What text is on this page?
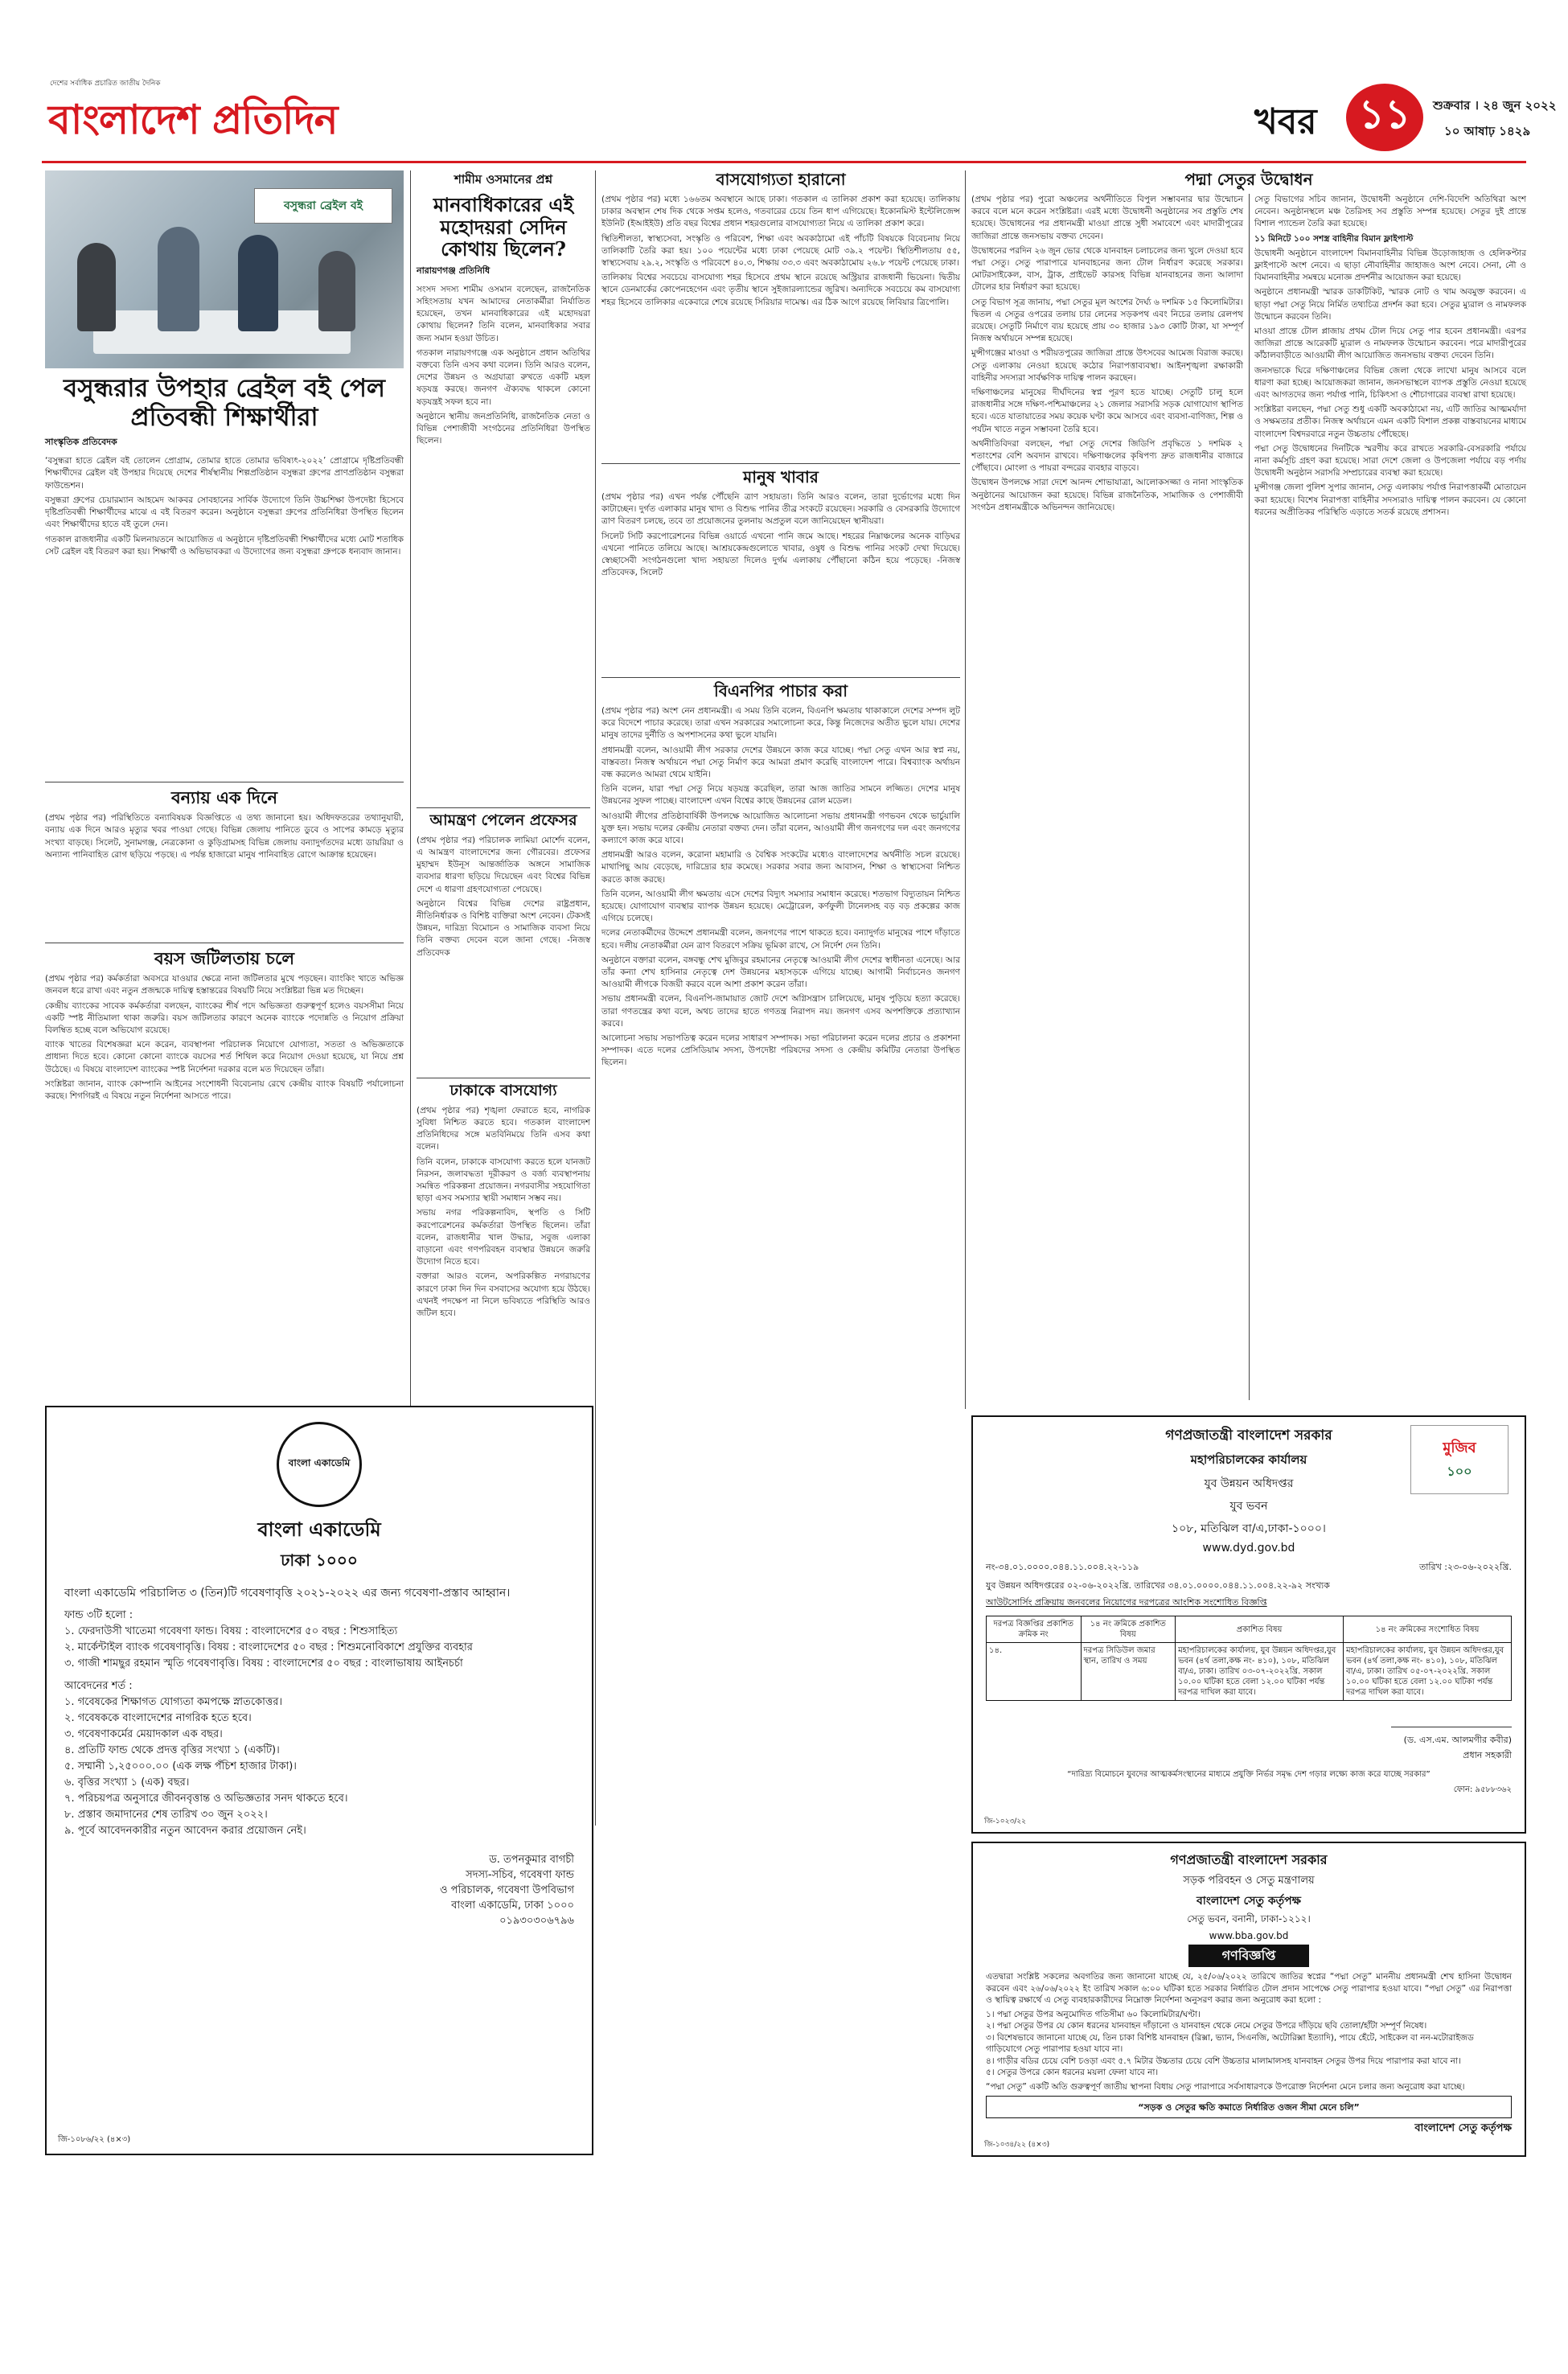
দেশের সর্বাধিক প্রচারিত জাতীয় দৈনিক
বাংলাদেশ প্রতিদিন	খবর ১১ শুক্রবার । ২৪ জুন ২০২২
১০ আষাঢ় ১৪২৯
বসুন্ধরা ব্রেইল বই
বসুন্ধরার উপহার ব্রেইল বই পেল প্রতিবন্ধী শিক্ষার্থীরা
সাংস্কৃতিক প্রতিবেদক

‘বসুন্ধরা হাতে ব্রেইল বই তোলেন প্রোগ্রাম, তোমার হাতে তোমার ভবিষ্যৎ-২০২২’ প্রোগ্রামে দৃষ্টিপ্রতিবন্ধী শিক্ষার্থীদের ব্রেইল বই উপহার দিয়েছে দেশের শীর্ষস্থানীয় শিল্পপ্রতিষ্ঠান বসুন্ধরা গ্রুপের প্রাণপ্রতিষ্ঠান বসুন্ধরা ফাউন্ডেশন।

বসুন্ধরা গ্রুপের চেয়ারম্যান আহমেদ আকবর সোবহানের সার্বিক উদ্যোগে তিনি উচ্চশিক্ষা উপদেষ্টা হিসেবে দৃষ্টিপ্রতিবন্ধী শিক্ষার্থীদের মাঝে এ বই বিতরণ করেন। অনুষ্ঠানে বসুন্ধরা গ্রুপের প্রতিনিধিরা উপস্থিত ছিলেন এবং শিক্ষার্থীদের হাতে বই তুলে দেন।

গতকাল রাজধানীর একটি মিলনায়তনে আয়োজিত এ অনুষ্ঠানে দৃষ্টিপ্রতিবন্ধী শিক্ষার্থীদের মধ্যে মোট শতাধিক সেট ব্রেইল বই বিতরণ করা হয়। শিক্ষার্থী ও অভিভাবকরা এ উদ্যোগের জন্য বসুন্ধরা গ্রুপকে ধন্যবাদ জানান।

বন্যায় এক দিনে

(প্রথম পৃষ্ঠার পর) পরিস্থিতিতে বন্যাবিষয়ক বিজ্ঞপ্তিতে এ তথ্য জানানো হয়। অধিদফতরের তথ্যানুযায়ী, বন্যায় এক দিনে আরও মৃত্যুর খবর পাওয়া গেছে। বিভিন্ন জেলায় পানিতে ডুবে ও সাপের কামড়ে মৃত্যুর সংখ্যা বাড়ছে। সিলেট, সুনামগঞ্জ, নেত্রকোনা ও কুড়িগ্রামসহ বিভিন্ন জেলায় বন্যাদুর্গতদের মধ্যে ডায়রিয়া ও অন্যান্য পানিবাহিত রোগ ছড়িয়ে পড়ছে। এ পর্যন্ত হাজারো মানুষ পানিবাহিত রোগে আক্রান্ত হয়েছেন।

বয়স জটিলতায় চলে

(প্রথম পৃষ্ঠার পর) কর্মকর্তারা অবসরে যাওয়ার ক্ষেত্রে নানা জটিলতার মুখে পড়ছেন। ব্যাংকিং খাতে অভিজ্ঞ জনবল ধরে রাখা এবং নতুন প্রজন্মকে দায়িত্ব হস্তান্তরের বিষয়টি নিয়ে সংশ্লিষ্টরা ভিন্ন মত দিচ্ছেন।

কেন্দ্রীয় ব্যাংকের সাবেক কর্মকর্তারা বলছেন, ব্যাংকের শীর্ষ পদে অভিজ্ঞতা গুরুত্বপূর্ণ হলেও বয়সসীমা নিয়ে একটি স্পষ্ট নীতিমালা থাকা জরুরি। বয়স জটিলতার কারণে অনেক ব্যাংকে পদোন্নতি ও নিয়োগ প্রক্রিয়া বিলম্বিত হচ্ছে বলে অভিযোগ রয়েছে।

ব্যাংক খাতের বিশেষজ্ঞরা মনে করেন, ব্যবস্থাপনা পরিচালক নিয়োগে যোগ্যতা, সততা ও অভিজ্ঞতাকে প্রাধান্য দিতে হবে। কোনো কোনো ব্যাংকে বয়সের শর্ত শিথিল করে নিয়োগ দেওয়া হয়েছে, যা নিয়ে প্রশ্ন উঠেছে। এ বিষয়ে বাংলাদেশ ব্যাংকের স্পষ্ট নির্দেশনা দরকার বলে মত দিয়েছেন তাঁরা।

সংশ্লিষ্টরা জানান, ব্যাংক কোম্পানি আইনের সংশোধনী বিবেচনায় রেখে কেন্দ্রীয় ব্যাংক বিষয়টি পর্যালোচনা করছে। শিগগিরই এ বিষয়ে নতুন নির্দেশনা আসতে পারে।

শামীম ওসমানের প্রশ্ন
মানবাধিকারের এই মহোদয়রা সেদিন কোথায় ছিলেন?
নারায়ণগঞ্জ প্রতিনিধি

সংসদ সদস্য শামীম ওসমান বলেছেন, রাজনৈতিক সহিংসতায় যখন আমাদের নেতাকর্মীরা নির্যাতিত হয়েছেন, তখন মানবাধিকারের এই মহোদয়রা কোথায় ছিলেন? তিনি বলেন, মানবাধিকার সবার জন্য সমান হওয়া উচিত।

গতকাল নারায়ণগঞ্জে এক অনুষ্ঠানে প্রধান অতিথির বক্তব্যে তিনি এসব কথা বলেন। তিনি আরও বলেন, দেশের উন্নয়ন ও অগ্রযাত্রা রুখতে একটি মহল ষড়যন্ত্র করছে। জনগণ ঐক্যবদ্ধ থাকলে কোনো ষড়যন্ত্রই সফল হবে না।

অনুষ্ঠানে স্থানীয় জনপ্রতিনিধি, রাজনৈতিক নেতা ও বিভিন্ন পেশাজীবী সংগঠনের প্রতিনিধিরা উপস্থিত ছিলেন।

আমন্ত্রণ পেলেন প্রফেসর

(প্রথম পৃষ্ঠার পর) পরিচালক লামিয়া মোর্শেদ বলেন, এ আমন্ত্রণ বাংলাদেশের জন্য গৌরবের। প্রফেসর মুহাম্মদ ইউনূস আন্তর্জাতিক অঙ্গনে সামাজিক ব্যবসার ধারণা ছড়িয়ে দিয়েছেন এবং বিশ্বের বিভিন্ন দেশে এ ধারণা গ্রহণযোগ্যতা পেয়েছে।

অনুষ্ঠানে বিশ্বের বিভিন্ন দেশের রাষ্ট্রপ্রধান, নীতিনির্ধারক ও বিশিষ্ট ব্যক্তিরা অংশ নেবেন। টেকসই উন্নয়ন, দারিদ্র্য বিমোচন ও সামাজিক ব্যবসা নিয়ে তিনি বক্তব্য দেবেন বলে জানা গেছে। -নিজস্ব প্রতিবেদক

ঢাকাকে বাসযোগ্য

(প্রথম পৃষ্ঠার পর) শৃঙ্খলা ফেরাতে হবে, নাগরিক সুবিধা নিশ্চিত করতে হবে। গতকাল বাংলাদেশ প্রতিনিধিদের সঙ্গে মতবিনিময়ে তিনি এসব কথা বলেন।

তিনি বলেন, ঢাকাকে বাসযোগ্য করতে হলে যানজট নিরসন, জলাবদ্ধতা দূরীকরণ ও বর্জ্য ব্যবস্থাপনায় সমন্বিত পরিকল্পনা প্রয়োজন। নগরবাসীর সহযোগিতা ছাড়া এসব সমস্যার স্থায়ী সমাধান সম্ভব নয়।

সভায় নগর পরিকল্পনাবিদ, স্থপতি ও সিটি করপোরেশনের কর্মকর্তারা উপস্থিত ছিলেন। তাঁরা বলেন, রাজধানীর খাল উদ্ধার, সবুজ এলাকা বাড়ানো এবং গণপরিবহন ব্যবস্থার উন্নয়নে জরুরি উদ্যোগ নিতে হবে।

বক্তারা আরও বলেন, অপরিকল্পিত নগরায়ণের কারণে ঢাকা দিন দিন বসবাসের অযোগ্য হয়ে উঠছে। এখনই পদক্ষেপ না নিলে ভবিষ্যতে পরিস্থিতি আরও জটিল হবে।

বাসযোগ্যতা হারানো

(প্রথম পৃষ্ঠার পর) মধ্যে ১৬৬তম অবস্থানে আছে ঢাকা। গতকাল এ তালিকা প্রকাশ করা হয়েছে। তালিকায় ঢাকার অবস্থান শেষ দিক থেকে সপ্তম হলেও, গতবারের চেয়ে তিন ধাপ এগিয়েছে। ইকোনমিস্ট ইন্টেলিজেন্স ইউনিট (ইআইইউ) প্রতি বছর বিশ্বের প্রধান শহরগুলোর বাসযোগ্যতা নিয়ে এ তালিকা প্রকাশ করে।

স্থিতিশীলতা, স্বাস্থ্যসেবা, সংস্কৃতি ও পরিবেশ, শিক্ষা এবং অবকাঠামো এই পাঁচটি বিষয়কে বিবেচনায় নিয়ে তালিকাটি তৈরি করা হয়। ১০০ পয়েন্টের মধ্যে ঢাকা পেয়েছে মোট ৩৯.২ পয়েন্ট। স্থিতিশীলতায় ৫৫, স্বাস্থ্যসেবায় ২৯.২, সংস্কৃতি ও পরিবেশে ৪০.৩, শিক্ষায় ৩৩.৩ এবং অবকাঠামোয় ২৬.৮ পয়েন্ট পেয়েছে ঢাকা।

তালিকায় বিশ্বের সবচেয়ে বাসযোগ্য শহর হিসেবে প্রথম স্থানে রয়েছে অস্ট্রিয়ার রাজধানী ভিয়েনা। দ্বিতীয় স্থানে ডেনমার্কের কোপেনহেগেন এবং তৃতীয় স্থানে সুইজারল্যান্ডের জুরিখ। অন্যদিকে সবচেয়ে কম বাসযোগ্য শহর হিসেবে তালিকার একেবারে শেষে রয়েছে সিরিয়ার দামেস্ক। এর ঠিক আগে রয়েছে লিবিয়ার ত্রিপোলি।

মানুষ খাবার

(প্রথম পৃষ্ঠার পর) এখন পর্যন্ত পৌঁছেনি ত্রাণ সহায়তা। তিনি আরও বলেন, তারা দুর্ভোগের মধ্যে দিন কাটাচ্ছেন। দুর্গত এলাকার মানুষ খাদ্য ও বিশুদ্ধ পানির তীব্র সংকটে রয়েছেন। সরকারি ও বেসরকারি উদ্যোগে ত্রাণ বিতরণ চলছে, তবে তা প্রয়োজনের তুলনায় অপ্রতুল বলে জানিয়েছেন স্থানীয়রা।

সিলেট সিটি করপোরেশনের বিভিন্ন ওয়ার্ডে এখনো পানি জমে আছে। শহরের নিম্নাঞ্চলের অনেক বাড়িঘর এখনো পানিতে তলিয়ে আছে। আশ্রয়কেন্দ্রগুলোতে খাবার, ওষুধ ও বিশুদ্ধ পানির সংকট দেখা দিয়েছে। স্বেচ্ছাসেবী সংগঠনগুলো খাদ্য সহায়তা দিলেও দুর্গম এলাকায় পৌঁছানো কঠিন হয়ে পড়েছে। -নিজস্ব প্রতিবেদক, সিলেট

বিএনপির পাচার করা

(প্রথম পৃষ্ঠার পর) অংশ নেন প্রধানমন্ত্রী। এ সময় তিনি বলেন, বিএনপি ক্ষমতায় থাকাকালে দেশের সম্পদ লুট করে বিদেশে পাচার করেছে। তারা এখন সরকারের সমালোচনা করে, কিন্তু নিজেদের অতীত ভুলে যায়। দেশের মানুষ তাদের দুর্নীতি ও অপশাসনের কথা ভুলে যায়নি।

প্রধানমন্ত্রী বলেন, আওয়ামী লীগ সরকার দেশের উন্নয়নে কাজ করে যাচ্ছে। পদ্মা সেতু এখন আর স্বপ্ন নয়, বাস্তবতা। নিজস্ব অর্থায়নে পদ্মা সেতু নির্মাণ করে আমরা প্রমাণ করেছি বাংলাদেশ পারে। বিশ্বব্যাংক অর্থায়ন বন্ধ করলেও আমরা থেমে যাইনি।

তিনি বলেন, যারা পদ্মা সেতু নিয়ে ষড়যন্ত্র করেছিল, তারা আজ জাতির সামনে লজ্জিত। দেশের মানুষ উন্নয়নের সুফল পাচ্ছে। বাংলাদেশ এখন বিশ্বের কাছে উন্নয়নের রোল মডেল।

আওয়ামী লীগের প্রতিষ্ঠাবার্ষিকী উপলক্ষে আয়োজিত আলোচনা সভায় প্রধানমন্ত্রী গণভবন থেকে ভার্চুয়ালি যুক্ত হন। সভায় দলের কেন্দ্রীয় নেতারা বক্তব্য দেন। তাঁরা বলেন, আওয়ামী লীগ জনগণের দল এবং জনগণের কল্যাণে কাজ করে যাবে।

প্রধানমন্ত্রী আরও বলেন, করোনা মহামারি ও বৈশ্বিক সংকটের মধ্যেও বাংলাদেশের অর্থনীতি সচল রয়েছে। মাথাপিছু আয় বেড়েছে, দারিদ্র্যের হার কমেছে। সরকার সবার জন্য আবাসন, শিক্ষা ও স্বাস্থ্যসেবা নিশ্চিত করতে কাজ করছে।

তিনি বলেন, আওয়ামী লীগ ক্ষমতায় এসে দেশের বিদ্যুৎ সমস্যার সমাধান করেছে। শতভাগ বিদ্যুতায়ন নিশ্চিত হয়েছে। যোগাযোগ ব্যবস্থার ব্যাপক উন্নয়ন হয়েছে। মেট্রোরেল, কর্ণফুলী টানেলসহ বড় বড় প্রকল্পের কাজ এগিয়ে চলেছে।

দলের নেতাকর্মীদের উদ্দেশে প্রধানমন্ত্রী বলেন, জনগণের পাশে থাকতে হবে। বন্যাদুর্গত মানুষের পাশে দাঁড়াতে হবে। দলীয় নেতাকর্মীরা যেন ত্রাণ বিতরণে সক্রিয় ভূমিকা রাখে, সে নির্দেশ দেন তিনি।

অনুষ্ঠানে বক্তারা বলেন, বঙ্গবন্ধু শেখ মুজিবুর রহমানের নেতৃত্বে আওয়ামী লীগ দেশের স্বাধীনতা এনেছে। আর তাঁর কন্যা শেখ হাসিনার নেতৃত্বে দেশ উন্নয়নের মহাসড়কে এগিয়ে যাচ্ছে। আগামী নির্বাচনেও জনগণ আওয়ামী লীগকে বিজয়ী করবে বলে আশা প্রকাশ করেন তাঁরা।

সভায় প্রধানমন্ত্রী বলেন, বিএনপি-জামায়াত জোট দেশে অগ্নিসন্ত্রাস চালিয়েছে, মানুষ পুড়িয়ে হত্যা করেছে। তারা গণতন্ত্রের কথা বলে, অথচ তাদের হাতে গণতন্ত্র নিরাপদ নয়। জনগণ এসব অপশক্তিকে প্রত্যাখ্যান করবে।

আলোচনা সভায় সভাপতিত্ব করেন দলের সাধারণ সম্পাদক। সভা পরিচালনা করেন দলের প্রচার ও প্রকাশনা সম্পাদক। এতে দলের প্রেসিডিয়াম সদস্য, উপদেষ্টা পরিষদের সদস্য ও কেন্দ্রীয় কমিটির নেতারা উপস্থিত ছিলেন।

পদ্মা সেতুর উদ্বোধন

(প্রথম পৃষ্ঠার পর) পুরো অঞ্চলের অর্থনীতিতে বিপুল সম্ভাবনার দ্বার উন্মোচন করবে বলে মনে করেন সংশ্লিষ্টরা। এরই মধ্যে উদ্বোধনী অনুষ্ঠানের সব প্রস্তুতি শেষ হয়েছে। উদ্বোধনের পর প্রধানমন্ত্রী মাওয়া প্রান্তে সুধী সমাবেশে এবং মাদারীপুরের জাজিরা প্রান্তে জনসভায় বক্তব্য দেবেন।

উদ্বোধনের পরদিন ২৬ জুন ভোর থেকে যানবাহন চলাচলের জন্য খুলে দেওয়া হবে পদ্মা সেতু। সেতু পারাপারে যানবাহনের জন্য টোল নির্ধারণ করেছে সরকার। মোটরসাইকেল, বাস, ট্রাক, প্রাইভেট কারসহ বিভিন্ন যানবাহনের জন্য আলাদা টোলের হার নির্ধারণ করা হয়েছে।

সেতু বিভাগ সূত্র জানায়, পদ্মা সেতুর মূল অংশের দৈর্ঘ্য ৬ দশমিক ১৫ কিলোমিটার। দ্বিতল এ সেতুর ওপরের তলায় চার লেনের সড়কপথ এবং নিচের তলায় রেলপথ রয়েছে। সেতুটি নির্মাণে ব্যয় হয়েছে প্রায় ৩০ হাজার ১৯৩ কোটি টাকা, যা সম্পূর্ণ নিজস্ব অর্থায়নে সম্পন্ন হয়েছে।

মুন্সীগঞ্জের মাওয়া ও শরীয়তপুরের জাজিরা প্রান্তে উৎসবের আমেজ বিরাজ করছে। সেতু এলাকায় নেওয়া হয়েছে কঠোর নিরাপত্তাব্যবস্থা। আইনশৃঙ্খলা রক্ষাকারী বাহিনীর সদস্যরা সার্বক্ষণিক দায়িত্ব পালন করছেন।

দক্ষিণাঞ্চলের মানুষের দীর্ঘদিনের স্বপ্ন পূরণ হতে যাচ্ছে। সেতুটি চালু হলে রাজধানীর সঙ্গে দক্ষিণ-পশ্চিমাঞ্চলের ২১ জেলার সরাসরি সড়ক যোগাযোগ স্থাপিত হবে। এতে যাতায়াতের সময় কয়েক ঘণ্টা কমে আসবে এবং ব্যবসা-বাণিজ্য, শিল্প ও পর্যটন খাতে নতুন সম্ভাবনা তৈরি হবে।

অর্থনীতিবিদরা বলছেন, পদ্মা সেতু দেশের জিডিপি প্রবৃদ্ধিতে ১ দশমিক ২ শতাংশের বেশি অবদান রাখবে। দক্ষিণাঞ্চলের কৃষিপণ্য দ্রুত রাজধানীর বাজারে পৌঁছাবে। মোংলা ও পায়রা বন্দরের ব্যবহার বাড়বে।

উদ্বোধন উপলক্ষে সারা দেশে আনন্দ শোভাযাত্রা, আলোকসজ্জা ও নানা সাংস্কৃতিক অনুষ্ঠানের আয়োজন করা হয়েছে। বিভিন্ন রাজনৈতিক, সামাজিক ও পেশাজীবী সংগঠন প্রধানমন্ত্রীকে অভিনন্দন জানিয়েছে।

সেতু বিভাগের সচিব জানান, উদ্বোধনী অনুষ্ঠানে দেশি-বিদেশি অতিথিরা অংশ নেবেন। অনুষ্ঠানস্থলে মঞ্চ তৈরিসহ সব প্রস্তুতি সম্পন্ন হয়েছে। সেতুর দুই প্রান্তে বিশাল প্যান্ডেল তৈরি করা হয়েছে।

১১ মিনিটে ১০০ সশস্ত্র বাহিনীর বিমান ফ্লাইপাস্ট

উদ্বোধনী অনুষ্ঠানে বাংলাদেশ বিমানবাহিনীর বিভিন্ন উড়োজাহাজ ও হেলিকপ্টার ফ্লাইপাস্টে অংশ নেবে। এ ছাড়া নৌবাহিনীর জাহাজও অংশ নেবে। সেনা, নৌ ও বিমানবাহিনীর সমন্বয়ে মনোজ্ঞ প্রদর্শনীর আয়োজন করা হয়েছে।

অনুষ্ঠানে প্রধানমন্ত্রী স্মারক ডাকটিকিট, স্মারক নোট ও খাম অবমুক্ত করবেন। এ ছাড়া পদ্মা সেতু নিয়ে নির্মিত তথ্যচিত্র প্রদর্শন করা হবে। সেতুর ম্যুরাল ও নামফলক উন্মোচন করবেন তিনি।

মাওয়া প্রান্তে টোল প্লাজায় প্রথম টোল দিয়ে সেতু পার হবেন প্রধানমন্ত্রী। এরপর জাজিরা প্রান্তে আরেকটি ম্যুরাল ও নামফলক উন্মোচন করবেন। পরে মাদারীপুরের কাঁঠালবাড়ীতে আওয়ামী লীগ আয়োজিত জনসভায় বক্তব্য দেবেন তিনি।

জনসভাকে ঘিরে দক্ষিণাঞ্চলের বিভিন্ন জেলা থেকে লাখো মানুষ আসবে বলে ধারণা করা হচ্ছে। আয়োজকরা জানান, জনসভাস্থলে ব্যাপক প্রস্তুতি নেওয়া হয়েছে এবং আগতদের জন্য পর্যাপ্ত পানি, চিকিৎসা ও শৌচাগারের ব্যবস্থা রাখা হয়েছে।

সংশ্লিষ্টরা বলছেন, পদ্মা সেতু শুধু একটি অবকাঠামো নয়, এটি জাতির আত্মমর্যাদা ও সক্ষমতার প্রতীক। নিজস্ব অর্থায়নে এমন একটি বিশাল প্রকল্প বাস্তবায়নের মাধ্যমে বাংলাদেশ বিশ্বদরবারে নতুন উচ্চতায় পৌঁছেছে।

পদ্মা সেতু উদ্বোধনের দিনটিকে স্মরণীয় করে রাখতে সরকারি-বেসরকারি পর্যায়ে নানা কর্মসূচি গ্রহণ করা হয়েছে। সারা দেশে জেলা ও উপজেলা পর্যায়ে বড় পর্দায় উদ্বোধনী অনুষ্ঠান সরাসরি সম্প্রচারের ব্যবস্থা করা হয়েছে।

মুন্সীগঞ্জ জেলা পুলিশ সুপার জানান, সেতু এলাকায় পর্যাপ্ত নিরাপত্তাকর্মী মোতায়েন করা হয়েছে। বিশেষ নিরাপত্তা বাহিনীর সদস্যরাও দায়িত্ব পালন করবেন। যে কোনো ধরনের অপ্রীতিকর পরিস্থিতি এড়াতে সতর্ক রয়েছে প্রশাসন।

গণপ্রজাতন্ত্রী বাংলাদেশ সরকার
মহাপরিচালকের কার্যালয়
যুব উন্নয়ন অধিদপ্তর
যুব ভবন
১০৮, মতিঝিল বা/এ,ঢাকা-১০০০।
www.dyd.gov.bd
মুজিব
১০০
নং-৩৪.০১.০০০০.০৪৪.১১.০০৪.২২-১১৯	তারিখ :২৩-০৬-২০২২খ্রি.
যুব উন্নয়ন অধিদপ্তরের ০২-০৬-২০২২খ্রি. তারিখের ৩৪.০১.০০০০.০৪৪.১১.০০৪.২২-৯২ সংখ্যক
আউটসোর্সিং প্রক্রিয়ায় জনবলের নিয়োগের দরপত্রের আংশিক সংশোধিত বিজ্ঞপ্তি
দরপত্র বিজ্ঞপ্তির প্রকাশিত ক্রমিক নং	১৪ নং ক্রমিকে প্রকাশিত বিষয়	প্রকাশিত বিষয়	১৪ নং ক্রমিকের সংশোধিত বিষয়
১৪.	দরপত্র সিডিউল জমার স্থান, তারিখ ও সময়	মহাপরিচালকের কার্যালয়, যুব উন্নয়ন অধিদপ্তর,যুব ভবন (৪র্থ তলা,কক্ষ নং- ৪১০), ১০৮, মতিঝিল বা/এ, ঢাকা। তারিখ ০৩-০৭-২০২২খ্রি. সকাল ১০.০০ ঘটিকা হতে বেলা ১২.০০ ঘটিকা পর্যন্ত দরপত্র দাখিল করা যাবে।	মহাপরিচালকের কার্যালয়, যুব উন্নয়ন অধিদপ্তর,যুব ভবন (৪র্থ তলা,কক্ষ নং- ৪১০), ১০৮, মতিঝিল বা/এ, ঢাকা। তারিখ ০৫-০৭-২০২২খ্রি. সকাল ১০.০০ ঘটিকা হতে বেলা ১২.০০ ঘটিকা পর্যন্ত দরপত্র দাখিল করা যাবে।
(ড. এস.এম. আলমগীর কবীর)
প্রধান সহকারী
“দারিদ্র্য বিমোচনে যুবদের আত্মকর্মসংস্থানের মাধ্যমে প্রযুক্তি নির্ভর সমৃদ্ধ দেশ গড়ার লক্ষ্যে কাজ করে যাচ্ছে সরকার”
ফোন: ৯৫৮৮৩৬২
জি-১০২৩/২২
বাংলা একাডেমি
বাংলা একাডেমি
ঢাকা ১০০০
বাংলা একাডেমি পরিচালিত ৩ (তিন)টি গবেষণাবৃত্তি ২০২১-২০২২ এর জন্য গবেষণা-প্রস্তাব আহ্বান।
ফান্ড ৩টি হলো :
১. ফেরদাউসী খাতেমা গবেষণা ফান্ড। বিষয় : বাংলাদেশের ৫০ বছর : শিশুসাহিত্য
২. মার্কেন্টাইল ব্যাংক গবেষণাবৃত্তি। বিষয় : বাংলাদেশের ৫০ বছর : শিশুমনোবিকাশে প্রযুক্তির ব্যবহার
৩. গাজী শামছুর রহমান স্মৃতি গবেষণাবৃত্তি। বিষয় : বাংলাদেশের ৫০ বছর : বাংলাভাষায় আইনচর্চা
আবেদনের শর্ত :
১. গবেষকের শিক্ষাগত যোগ্যতা কমপক্ষে স্নাতকোত্তর।
২. গবেষককে বাংলাদেশের নাগরিক হতে হবে।
৩. গবেষণাকর্মের মেয়াদকাল এক বছর।
৪. প্রতিটি ফান্ড থেকে প্রদত্ত বৃত্তির সংখ্যা ১ (একটি)।
৫. সম্মানী ১,২৫০০০.০০ (এক লক্ষ পঁচিশ হাজার টাকা)।
৬. বৃত্তির সংখ্যা ১ (এক) বছর।
৭. পরিচয়পত্র অনুসারে জীবনবৃত্তান্ত ও অভিজ্ঞতার সনদ থাকতে হবে।
৮. প্রস্তাব জমাদানের শেষ তারিখ ৩০ জুন ২০২২।
৯. পূর্বে আবেদনকারীর নতুন আবেদন করার প্রয়োজন নেই।
ড. তপনকুমার বাগচী
সদস্য-সচিব, গবেষণা ফান্ড
ও পরিচালক, গবেষণা উপবিভাগ
বাংলা একাডেমি, ঢাকা ১০০০
০১৯৩০৩০৬৭৯৬
জি-১০৮৬/২২ (৪×৩)
গণপ্রজাতন্ত্রী বাংলাদেশ সরকার
সড়ক পরিবহন ও সেতু মন্ত্রণালয়
বাংলাদেশ সেতু কর্তৃপক্ষ
সেতু ভবন, বনানী, ঢাকা-১২১২।
www.bba.gov.bd
গণবিজ্ঞপ্তি
এতদ্বারা সংশ্লিষ্ট সকলের অবগতির জন্য জানানো যাচ্ছে যে, ২৫/০৬/২০২২ তারিখে জাতির স্বপ্নের “পদ্মা সেতু” মাননীয় প্রধানমন্ত্রী শেখ হাসিনা উদ্বোধন করবেন এবং ২৬/০৬/২০২২ ইং তারিখ সকাল ৬:০০ ঘটিকা হতে সরকার নির্ধারিত টোল প্রদান সাপেক্ষে সেতু পারাপার হওয়া যাবে। “পদ্মা সেতু” এর নিরাপত্তা ও স্থায়িত্ব রক্ষার্থে এ সেতু ব্যবহারকারীদের নিম্নোক্ত নির্দেশনা অনুসরণ করার জন্য অনুরোধ করা হলো :
১। পদ্মা সেতুর উপর অনুমোদিত গতিসীমা ৬০ কিলোমিটার/ঘণ্টা।
২। পদ্মা সেতুর উপর যে কোন ধরনের যানবাহন দাঁড়ানো ও যানবাহন থেকে নেমে সেতুর উপরে দাঁড়িয়ে ছবি তোলা/হাঁটা সম্পূর্ণ নিষেধ।
৩। বিশেষভাবে জানানো যাচ্ছে যে, তিন চাকা বিশিষ্ট যানবাহন (রিক্সা, ভ্যান, সিএনজি, অটোরিক্সা ইত্যাদি), পায়ে হেঁটে, সাইকেল বা নন-মটোরাইজড গাড়িযোগে সেতু পারাপার হওয়া যাবে না।
৪। গাড়ীর বডির চেয়ে বেশি চওড়া এবং ৫.৭ মিটার উচ্চতার চেয়ে বেশি উচ্চতার মালামালসহ যানবাহন সেতুর উপর দিয়ে পারাপার করা যাবে না।
৫। সেতুর উপরে কোন ধরনের ময়লা ফেলা যাবে না।
“পদ্মা সেতু” একটি অতি গুরুত্বপূর্ণ জাতীয় স্থাপনা বিধায় সেতু পারাপারে সর্বসাধারণকে উপরোক্ত নির্দেশনা মেনে চলার জন্য অনুরোধ করা যাচ্ছে।
“সড়ক ও সেতুর ক্ষতি কমাতে নির্ধারিত ওজন সীমা মেনে চলি”
বাংলাদেশ সেতু কর্তৃপক্ষ
জি-১০৩৪/২২ (৪×৩)
